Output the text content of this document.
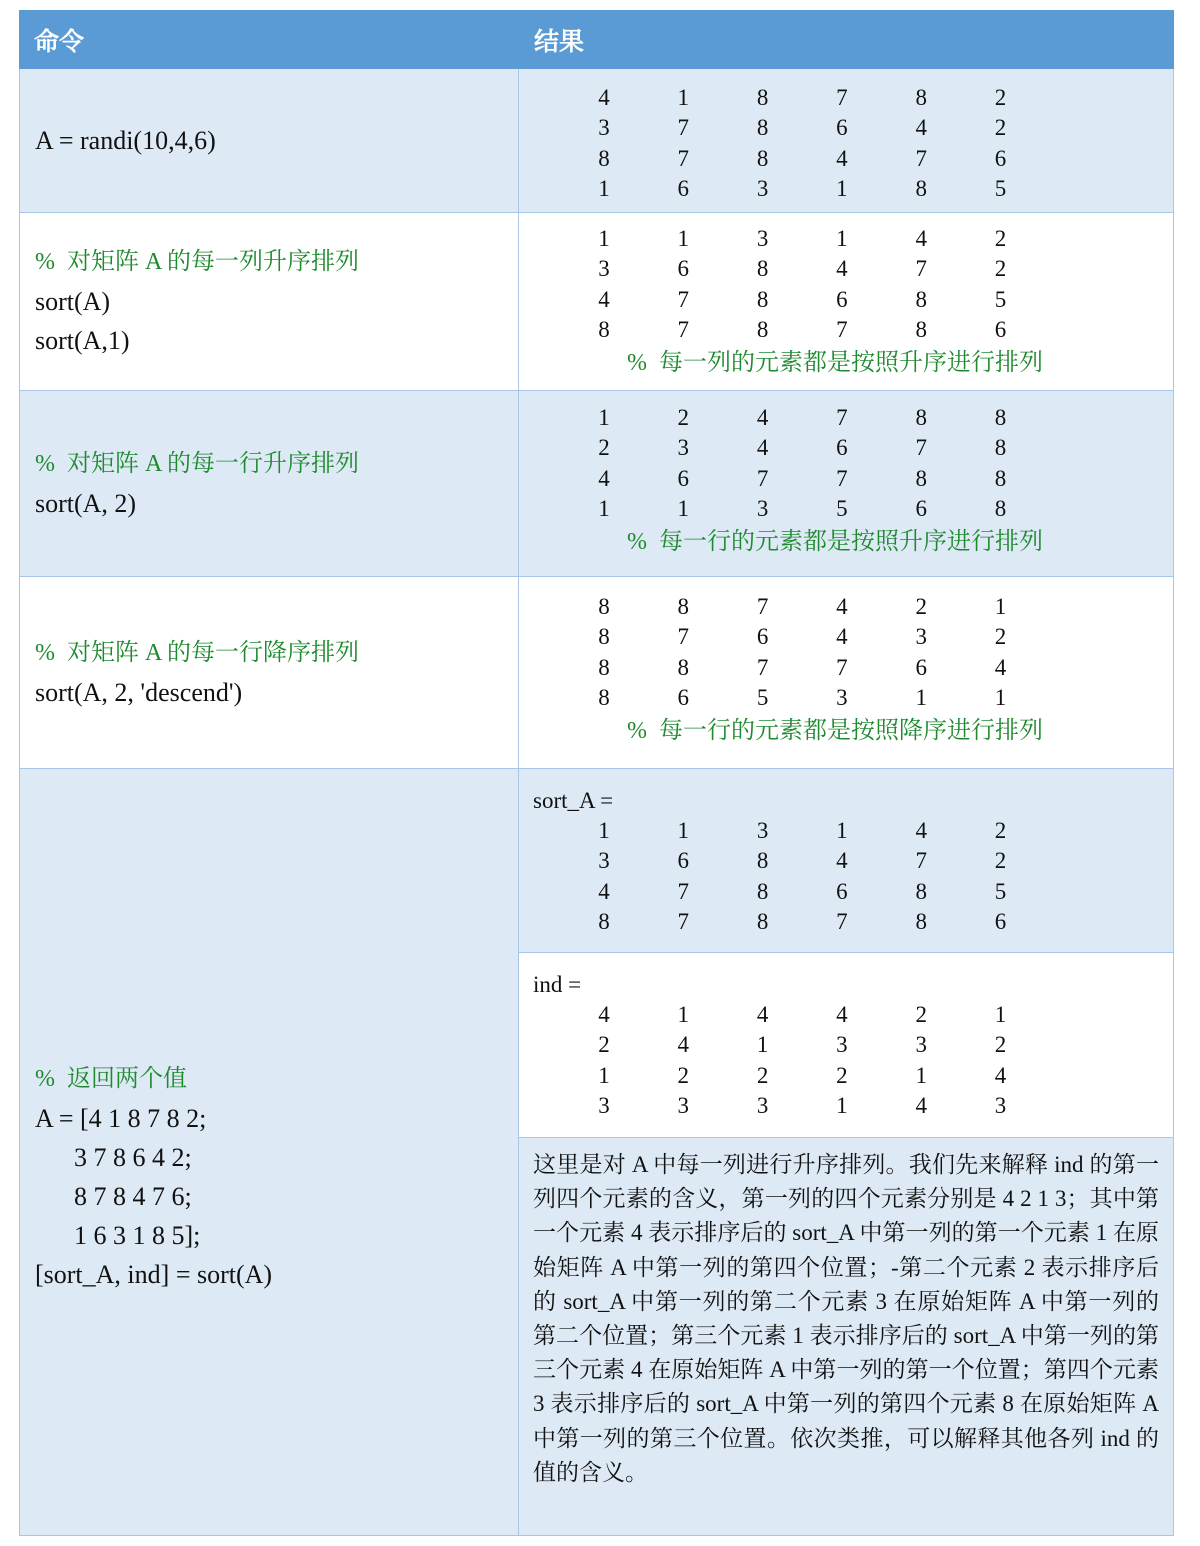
命令	结果
A = randi(10,4,6)
4	1	8	7	8	2
3	7	8	6	4	2
8	7	8	4	7	6
1	6	3	1	8	5
%  对矩阵 A 的每一列升序排列
sort(A)
sort(A,1)
1	1	3	1	4	2
3	6	8	4	7	2
4	7	8	6	8	5
8	7	8	7	8	6
%  每一列的元素都是按照升序进行排列
%  对矩阵 A 的每一行升序排列
sort(A, 2)
1	2	4	7	8	8
2	3	4	6	7	8
4	6	7	7	8	8
1	1	3	5	6	8
%  每一行的元素都是按照升序进行排列
%  对矩阵 A 的每一行降序排列
sort(A, 2, 'descend')
8	8	7	4	2	1
8	7	6	4	3	2
8	8	7	7	6	4
8	6	5	3	1	1
%  每一行的元素都是按照降序进行排列
%  返回两个值
A = [4 1 8 7 8 2;
3 7 8 6 4 2;
8 7 8 4 7 6;
1 6 3 1 8 5];
[sort_A, ind] = sort(A)
sort_A =
1	1	3	1	4	2
3	6	8	4	7	2
4	7	8	6	8	5
8	7	8	7	8	6
ind =
4	1	4	4	2	1
2	4	1	3	3	2
1	2	2	2	1	4
3	3	3	1	4	3
这里是对 A 中每一列进行升序排列。我们先来解释 ind 的第一列四个元素的含义，第一列的四个元素分别是 4 2 1 3；其中第一个元素 4 表示排序后的 sort_A 中第一列的第一个元素 1 在原始矩阵 A 中第一列的第四个位置；-第二个元素 2 表示排序后的 sort_A 中第一列的第二个元素 3 在原始矩阵 A 中第一列的第二个位置；第三个元素 1 表示排序后的 sort_A 中第一列的第三个元素 4 在原始矩阵 A 中第一列的第一个位置；第四个元素 3 表示排序后的 sort_A 中第一列的第四个元素 8 在原始矩阵 A 中第一列的第三个位置。依次类推，可以解释其他各列 ind 的值的含义。
